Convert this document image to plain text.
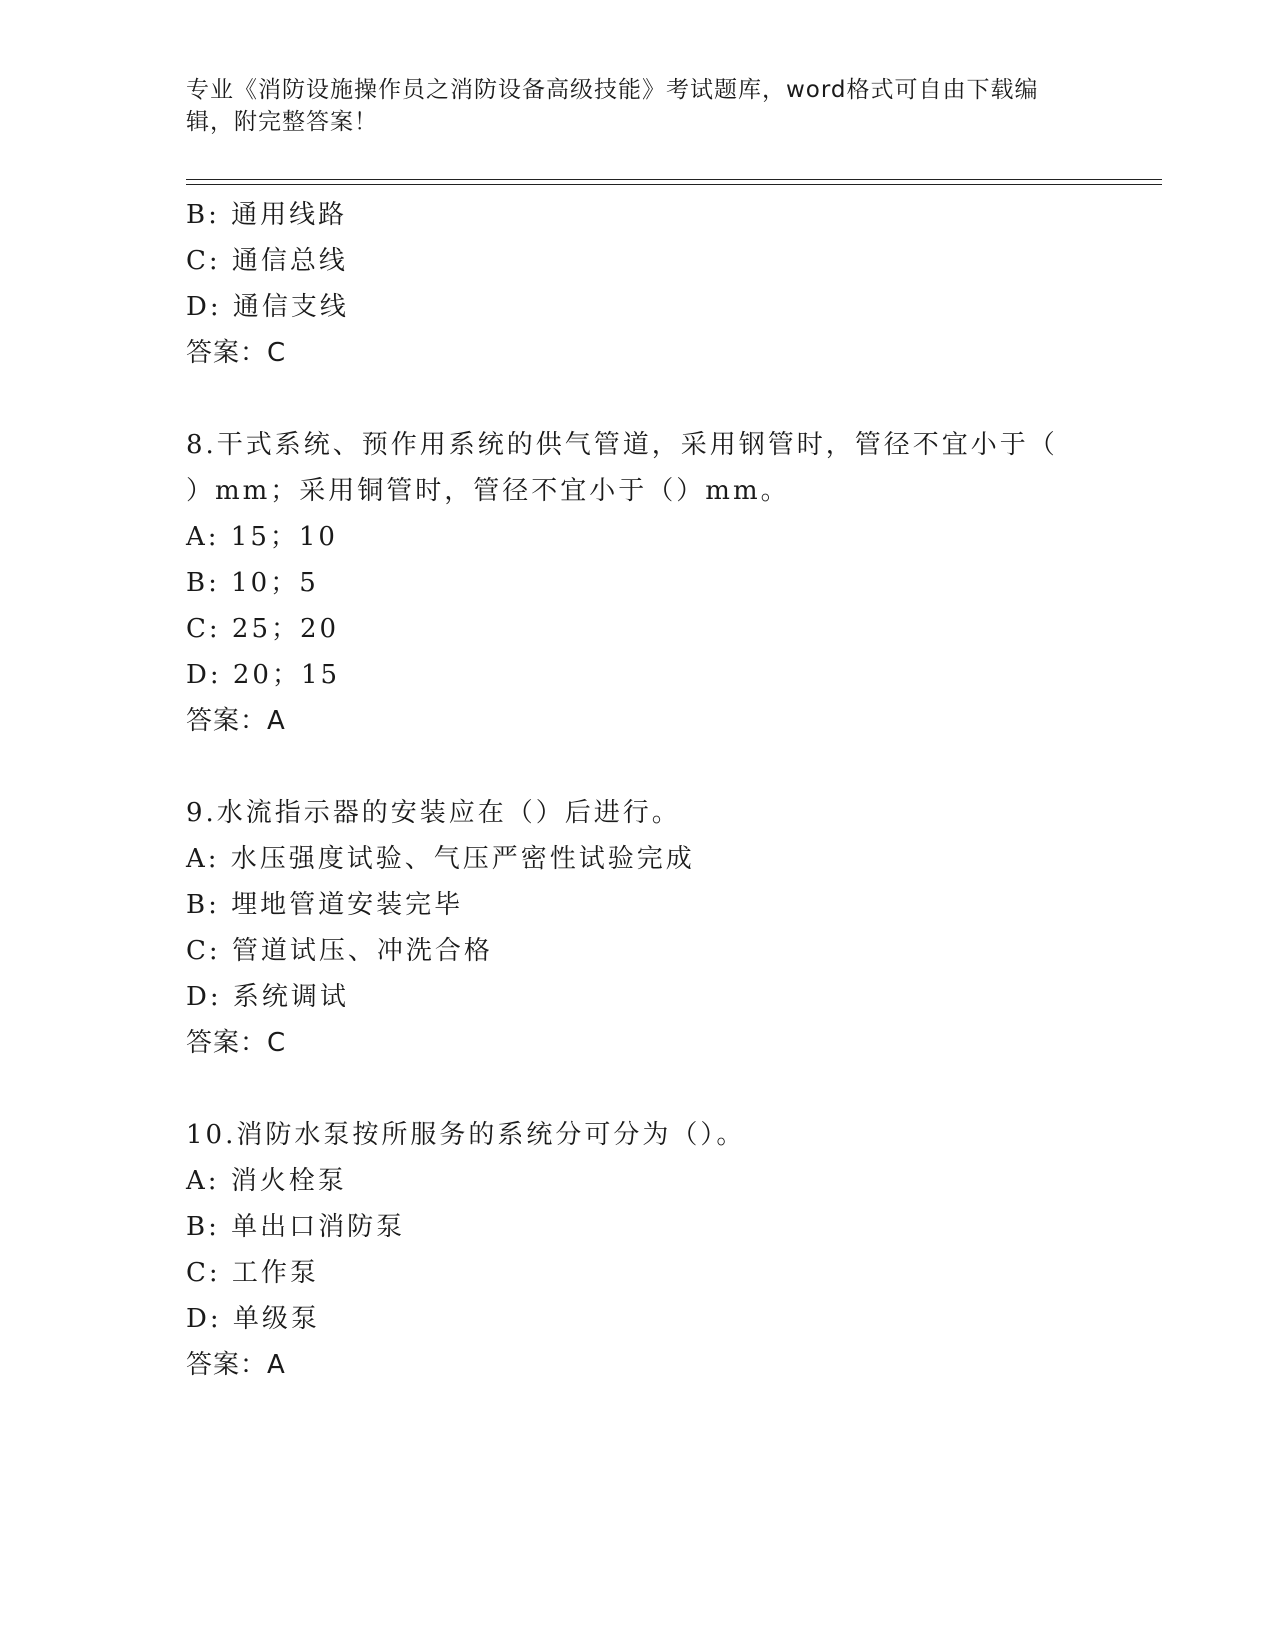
专业《消防设施操作员之消防设备高级技能》考试题库，word格式可自由下载编
辑，附完整答案！
B: 通用线路
C: 通信总线
D: 通信支线
答案：C
8.干式系统、预作用系统的供气管道，采用钢管时，管径不宜小于（
）mm；采用铜管时，管径不宜小于（）mm。
A: 15；10
B: 10；5
C: 25；20
D: 20；15
答案：A
9.水流指示器的安装应在（）后进行。
A: 水压强度试验、气压严密性试验完成
B: 埋地管道安装完毕
C: 管道试压、冲洗合格
D: 系统调试
答案：C
10.消防水泵按所服务的系统分可分为（）。
A: 消火栓泵
B: 单出口消防泵
C: 工作泵
D: 单级泵
答案：A
